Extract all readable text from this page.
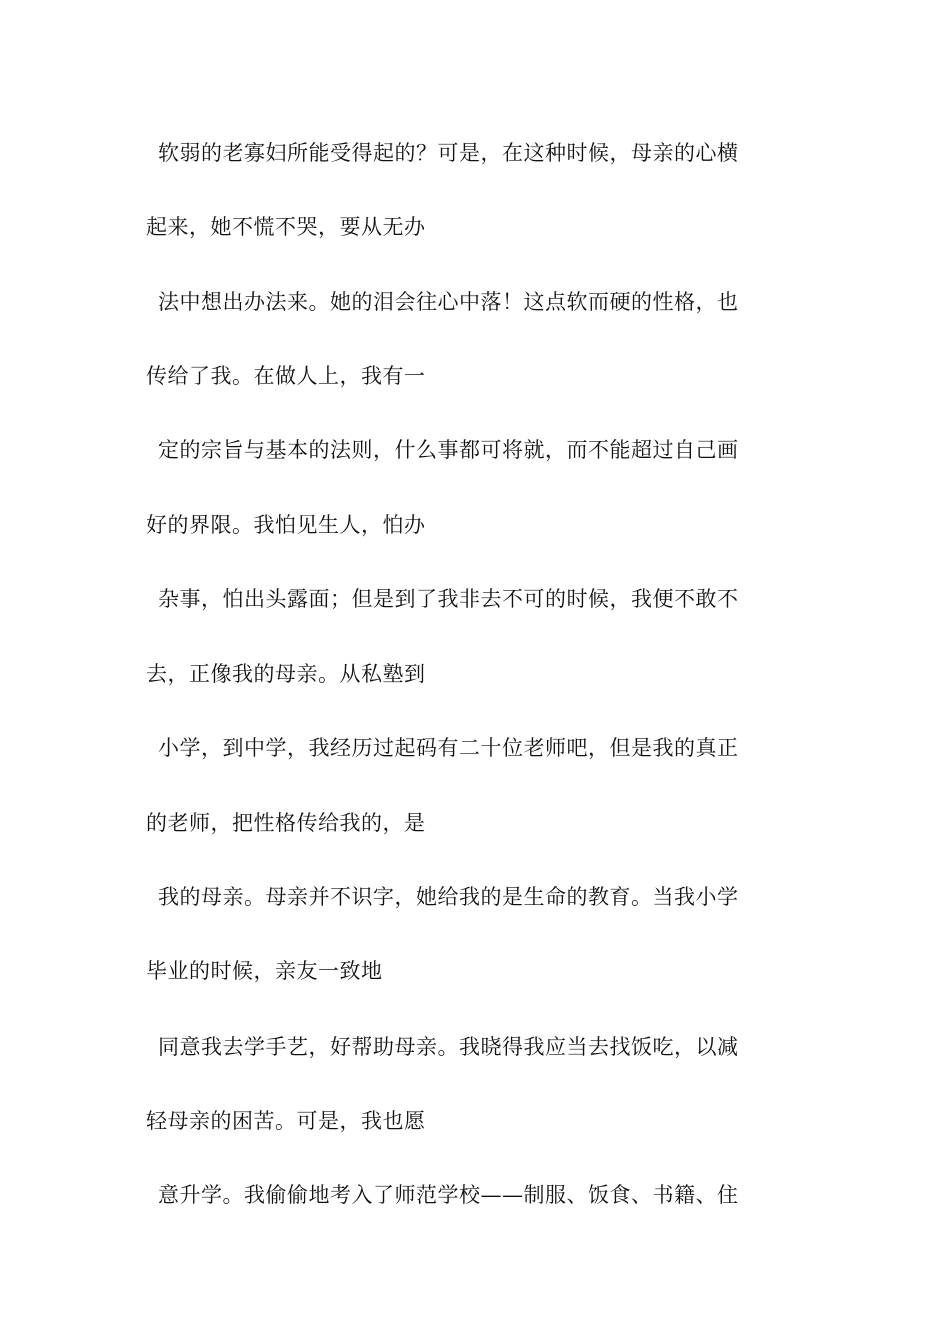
软弱的老寡妇所能受得起的？可是，在这种时候，母亲的心横
起来，她不慌不哭，要从无办
法中想出办法来。她的泪会往心中落！这点软而硬的性格，也
传给了我。在做人上，我有一
定的宗旨与基本的法则，什么事都可将就，而不能超过自己画
好的界限。我怕见生人，怕办
杂事，怕出头露面；但是到了我非去不可的时候，我便不敢不
去，正像我的母亲。从私塾到
小学，到中学，我经历过起码有二十位老师吧，但是我的真正
的老师，把性格传给我的，是
我的母亲。母亲并不识字，她给我的是生命的教育。当我小学
毕业的时候，亲友一致地
同意我去学手艺，好帮助母亲。我晓得我应当去找饭吃，以减
轻母亲的困苦。可是，我也愿
意升学。我偷偷地考入了师范学校——制服、饭食、书籍、住
